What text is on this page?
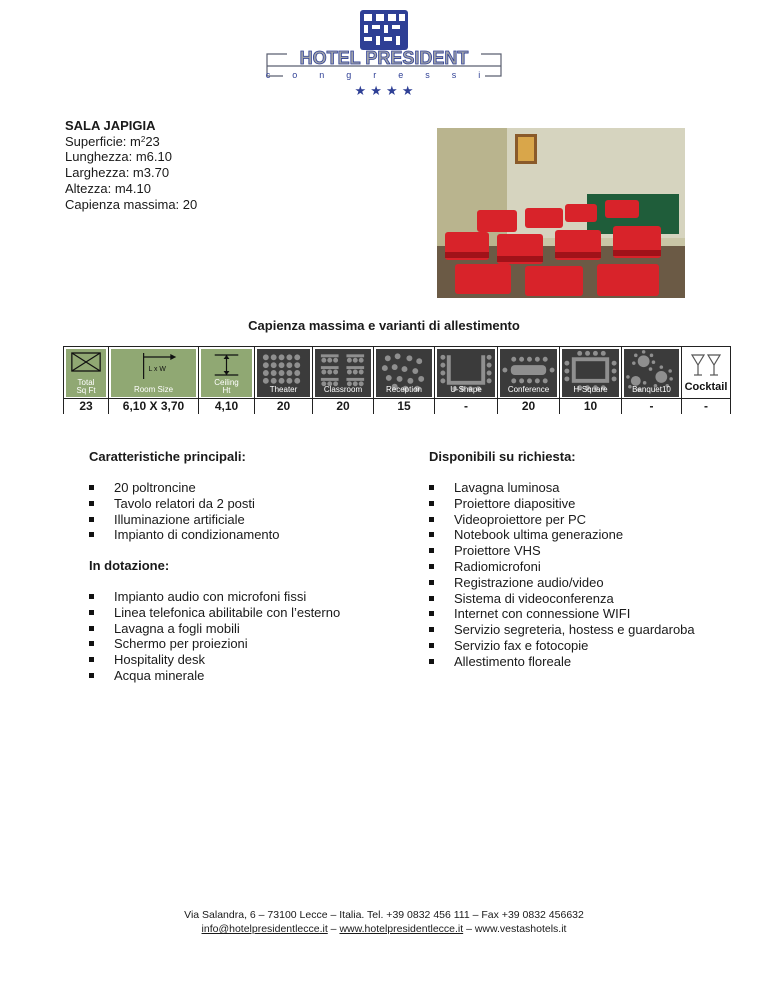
HOTEL PRESIDENT
congressi
★ ★ ★ ★
SALA JAPIGIA
Superficie: $m^223$
Lunghezza: m6.10
Larghezza: m3.70
Altezza: m4.10
Capienza massima: 20
Capienza massima e varianti di allestimento
Total
Sq Ft
23
L x W
Room Size
6,10 X 3,70
Ceiling
Ht
4,10
Theater
20
Classroom
20
Reception
15
U-Shape
-
Conference
20
H-Square
10
Banquet10
-
Cocktail
-
Caratteristiche principali:
20 poltroncine
Tavolo relatori da 2 posti
Illuminazione artificiale
Impianto di condizionamento
In dotazione:
Impianto audio con microfoni fissi
Linea telefonica abilitabile con l’esterno
Lavagna a fogli mobili
Schermo per proiezioni
Hospitality desk
Acqua minerale
Disponibili su richiesta:
Lavagna luminosa
Proiettore diapositive
Videoproiettore per PC
Notebook ultima generazione
Proiettore VHS
Radiomicrofoni
Registrazione audio/video
Sistema di videoconferenza
Internet con connessione WIFI
Servizio segreteria, hostess e guardaroba
Servizio fax e fotocopie
Allestimento floreale
Via Salandra, 6 – 73100 Lecce – Italia. Tel. +39 0832 456 111 – Fax +39 0832 456632
info@hotelpresidentlecce.it – www.hotelpresidentlecce.it – www.vestashotels.it
